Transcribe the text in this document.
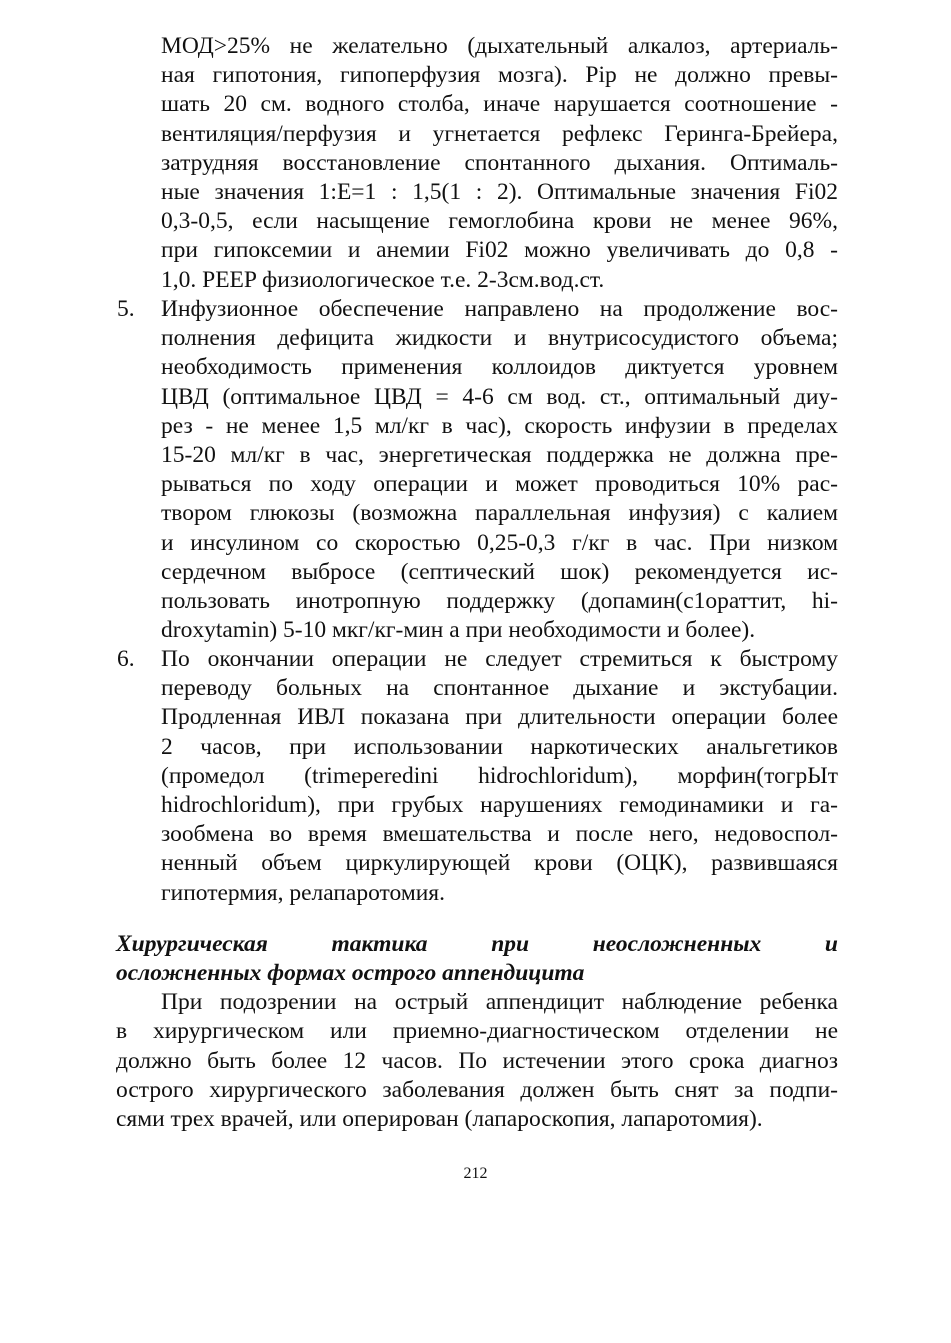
МОД>25% не желательно (дыхательный алкалоз, артериаль-
ная гипотония, гипоперфузия мозга). Pip не должно превы-
шать 20 см. водного столба, иначе нарушается соотношение -
вентиляция/перфузия и угнетается рефлекс Геринга-Брейера,
затрудняя восстановление спонтанного дыхания. Оптималь-
ные значения 1:Е=1 : 1,5(1 : 2). Оптимальные значения Fi02
0,3-0,5, если насыщение гемоглобина крови не менее 96%,
при гипоксемии и анемии Fi02 можно увеличивать до 0,8 -
1,0. PEEP физиологическое т.е. 2-3см.вод.ст.
5. Инфузионное обеспечение направлено на продолжение вос-
полнения дефицита жидкости и внутрисосудистого объема;
необходимость применения коллоидов диктуется уровнем
ЦВД (оптимальное ЦВД = 4-6 см вод. ст., оптимальный диу-
рез - не менее 1,5 мл/кг в час), скорость инфузии в пределах
15-20 мл/кг в час, энергетическая поддержка не должна пре-
рываться по ходу операции и может проводиться 10% рас-
твором глюкозы (возможна параллельная инфузия) с калием
и инсулином со скоростью 0,25-0,3 г/кг в час. При низком
сердечном выбросе (септический шок) рекомендуется ис-
пользовать инотропную поддержку (допамин(c1oраттит, hi-
droxytamin) 5-10 мкг/кг-мин а при необходимости и более).
6. По окончании операции не следует стремиться к быстрому
переводу больных на спонтанное дыхание и экстубации.
Продленная ИВЛ показана при длительности операции более
2 часов, при использовании наркотических анальгетиков
(промедол (trimeperedini hidrochloridum), морфин(тогрЫт
hidrochloridum), при грубых нарушениях гемодинамики и га-
зообмена во время вмешательства и после него, недовоспол-
ненный объем циркулирующей крови (ОЦК), развившаяся
гипотермия, релапаротомия.
Хирургическая тактика при неосложненных и
осложненных формах острого аппендицита
При подозрении на острый аппендицит наблюдение ребенка
в хирургическом или приемно-диагностическом отделении не
должно быть более 12 часов. По истечении этого срока диагноз
острого хирургического заболевания должен быть снят за подпи-
сями трех врачей, или оперирован (лапароскопия, лапаротомия).
212
